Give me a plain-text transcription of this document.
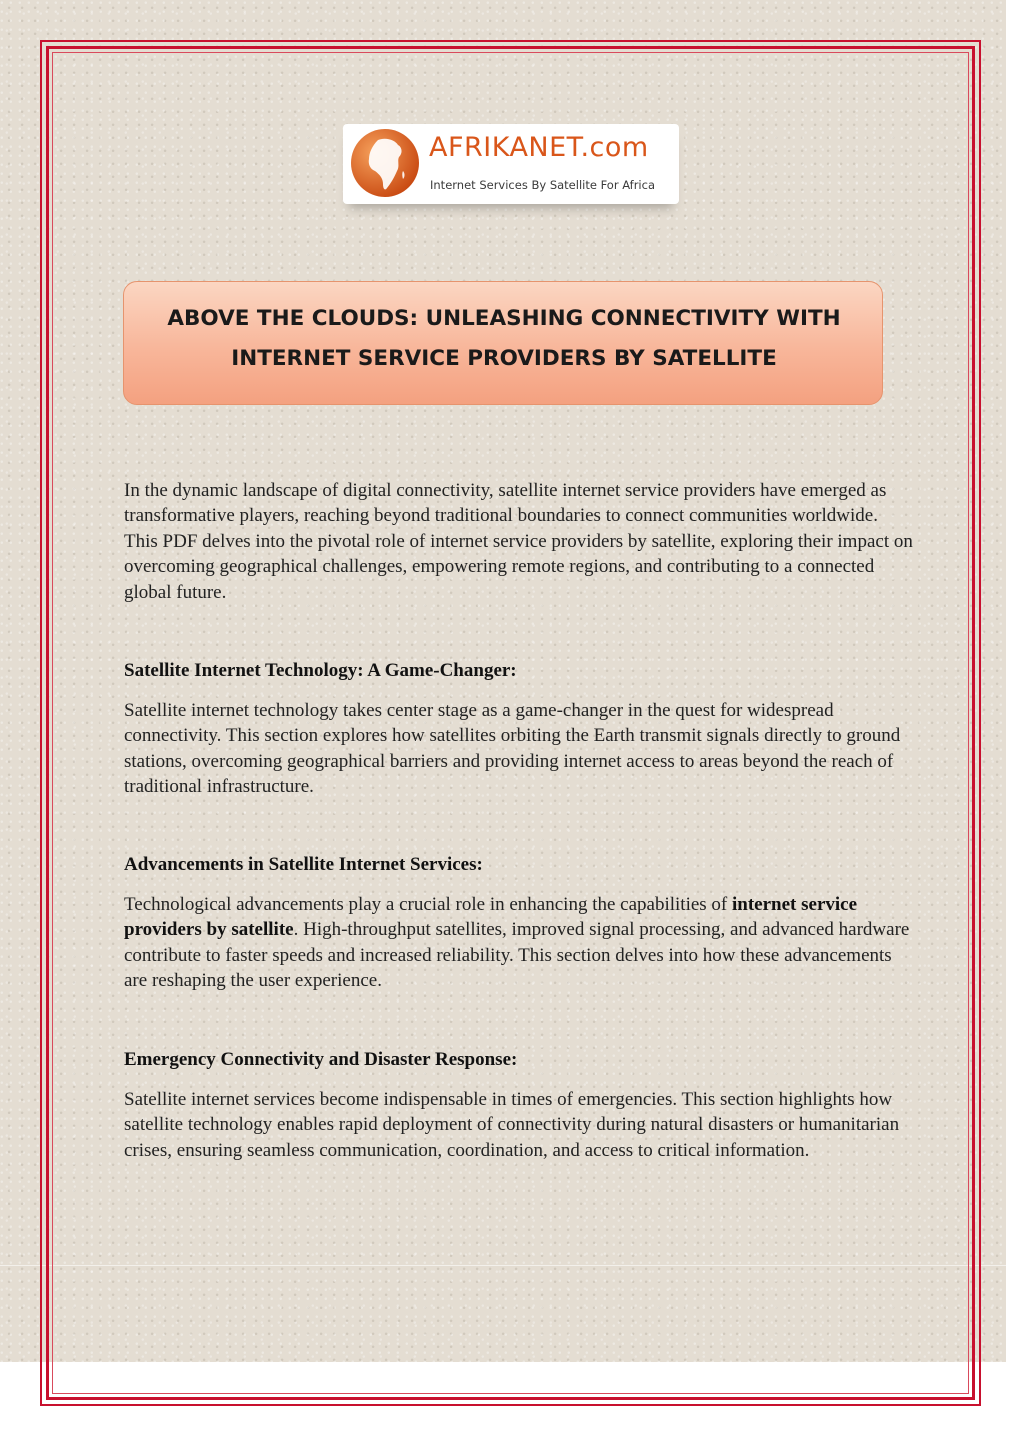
AFRIKANET.com
Internet Services By Satellite For Africa
ABOVE THE CLOUDS: UNLEASHING CONNECTIVITY WITH
INTERNET SERVICE PROVIDERS BY SATELLITE

In the dynamic landscape of digital connectivity, satellite internet service providers have emerged as transformative players, reaching beyond traditional boundaries to connect communities worldwide. This PDF delves into the pivotal role of internet service providers by satellite, exploring their impact on overcoming geographical challenges, empowering remote regions, and contributing to a connected global future.

Satellite Internet Technology: A Game-Changer:

Satellite internet technology takes center stage as a game-changer in the quest for widespread connectivity. This section explores how satellites orbiting the Earth transmit signals directly to ground stations, overcoming geographical barriers and providing internet access to areas beyond the reach of traditional infrastructure.

Advancements in Satellite Internet Services:

Technological advancements play a crucial role in enhancing the capabilities of internet service providers by satellite. High-throughput satellites, improved signal processing, and advanced hardware contribute to faster speeds and increased reliability. This section delves into how these advancements are reshaping the user experience.

Emergency Connectivity and Disaster Response:

Satellite internet services become indispensable in times of emergencies. This section highlights how satellite technology enables rapid deployment of connectivity during natural disasters or humanitarian crises, ensuring seamless communication, coordination, and access to critical information.
